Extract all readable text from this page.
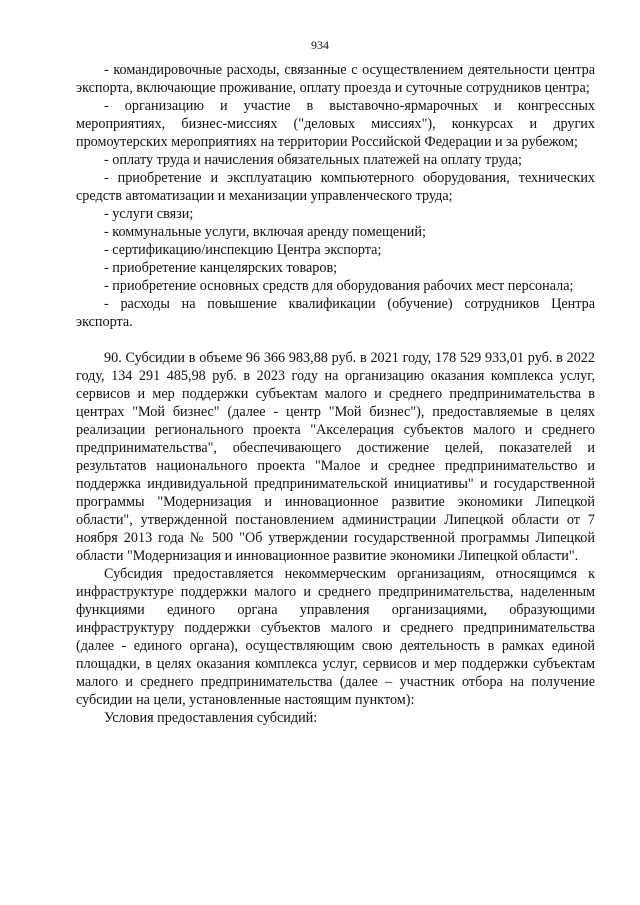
934

- командировочные расходы, связанные с осуществлением деятельности центра экспорта, включающие проживание, оплату проезда и суточные сотрудников центра;

- организацию и участие в выставочно-ярмарочных и конгрессных мероприятиях, бизнес-миссиях ("деловых миссиях"), конкурсах и других промоутерских мероприятиях на территории Российской Федерации и за рубежом;

- оплату труда и начисления обязательных платежей на оплату труда;

- приобретение и эксплуатацию компьютерного оборудования, технических средств автоматизации и механизации управленческого труда;

- услуги связи;

- коммунальные услуги, включая аренду помещений;

- сертификацию/инспекцию Центра экспорта;

- приобретение канцелярских товаров;

- приобретение основных средств для оборудования рабочих мест персонала;

- расходы на повышение квалификации (обучение) сотрудников Центра экспорта.

90. Субсидии в объеме 96 366 983,88 руб. в 2021 году, 178 529 933,01 руб. в 2022 году, 134 291 485,98 руб. в 2023 году на организацию оказания комплекса услуг, сервисов и мер поддержки субъектам малого и среднего предпринимательства в центрах "Мой бизнес" (далее - центр "Мой бизнес"), предоставляемые в целях реализации регионального проекта "Акселерация субъектов малого и среднего предпринимательства", обеспечивающего достижение целей, показателей и результатов национального проекта "Малое и среднее предпринимательство и поддержка индивидуальной предпринимательской инициативы" и государственной программы "Модернизация и инновационное развитие экономики Липецкой области", утвержденной постановлением администрации Липецкой области от 7 ноября 2013 года № 500 "Об утверждении государственной программы Липецкой области "Модернизация и инновационное развитие экономики Липецкой области".

Субсидия предоставляется некоммерческим организациям, относящимся к инфраструктуре поддержки малого и среднего предпринимательства, наделенным функциями единого органа управления организациями, образующими инфраструктуру поддержки субъектов малого и среднего предпринимательства (далее - единого органа), осуществляющим свою деятельность в рамках единой площадки, в целях оказания комплекса услуг, сервисов и мер поддержки субъектам малого и среднего предпринимательства (далее – участник отбора на получение субсидии на цели, установленные настоящим пунктом):

Условия предоставления субсидий:
